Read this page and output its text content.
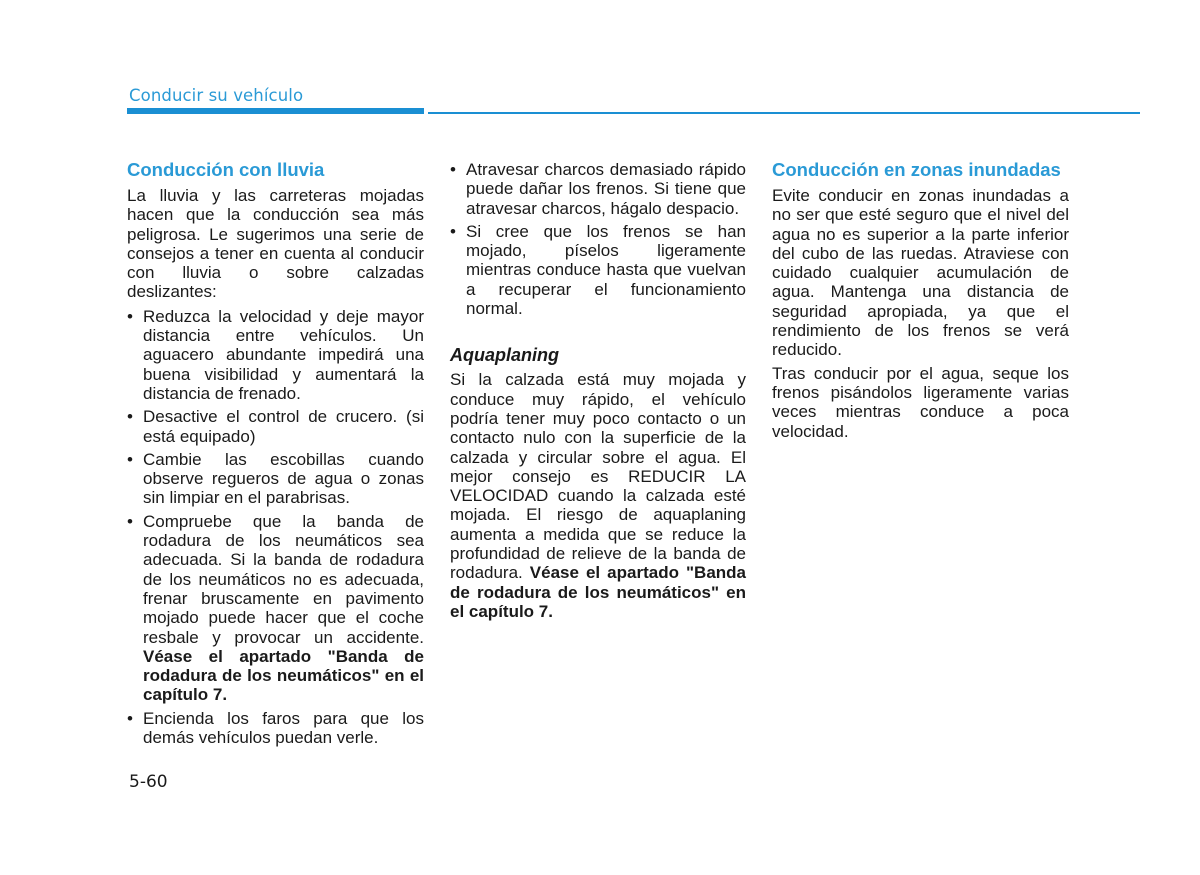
Conducir su vehículo
Conducción con lluvia

La lluvia y las carreteras mojadas hacen que la conducción sea más peligrosa. Le sugerimos una serie de consejos a tener en cuenta al conducir con lluvia o sobre calzadas deslizantes:

• Reduzca la velocidad y deje mayor distancia entre vehículos. Un aguacero abundante impedirá una buena visibilidad y aumentará la distancia de frenado.
• Desactive el control de crucero. (si está equipado)
• Cambie las escobillas cuando observe regueros de agua o zonas sin limpiar en el parabrisas.
• Compruebe que la banda de rodadura de los neumáticos sea adecuada. Si la banda de rodadura de los neumáticos no es adecuada, frenar bruscamente en pavimento mojado puede hacer que el coche resbale y provocar un accidente. Véase el apartado "Banda de rodadura de los neumáticos" en el capítulo 7.
• Encienda los faros para que los demás vehículos puedan verle.
• Atravesar charcos demasiado rápido puede dañar los frenos. Si tiene que atravesar charcos, hágalo despacio.
• Si cree que los frenos se han mojado, píselos ligeramente mientras conduce hasta que vuelvan a recuperar el funcionamiento normal.
Aquaplaning

Si la calzada está muy mojada y conduce muy rápido, el vehículo podría tener muy poco contacto o un contacto nulo con la superficie de la calzada y circular sobre el agua. El mejor consejo es REDUCIR LA VELOCIDAD cuando la calzada esté mojada. El riesgo de aquaplaning aumenta a medida que se reduce la profundidad de relieve de la banda de rodadura. Véase el apartado "Banda de rodadura de los neumáticos" en el capítulo 7.

Conducción en zonas inundadas

Evite conducir en zonas inundadas a no ser que esté seguro que el nivel del agua no es superior a la parte inferior del cubo de las ruedas. Atraviese con cuidado cualquier acumulación de agua. Mantenga una distancia de seguridad apropiada, ya que el rendimiento de los frenos se verá reducido.

Tras conducir por el agua, seque los frenos pisándolos ligeramente varias veces mientras conduce a poca velocidad.

5-60
